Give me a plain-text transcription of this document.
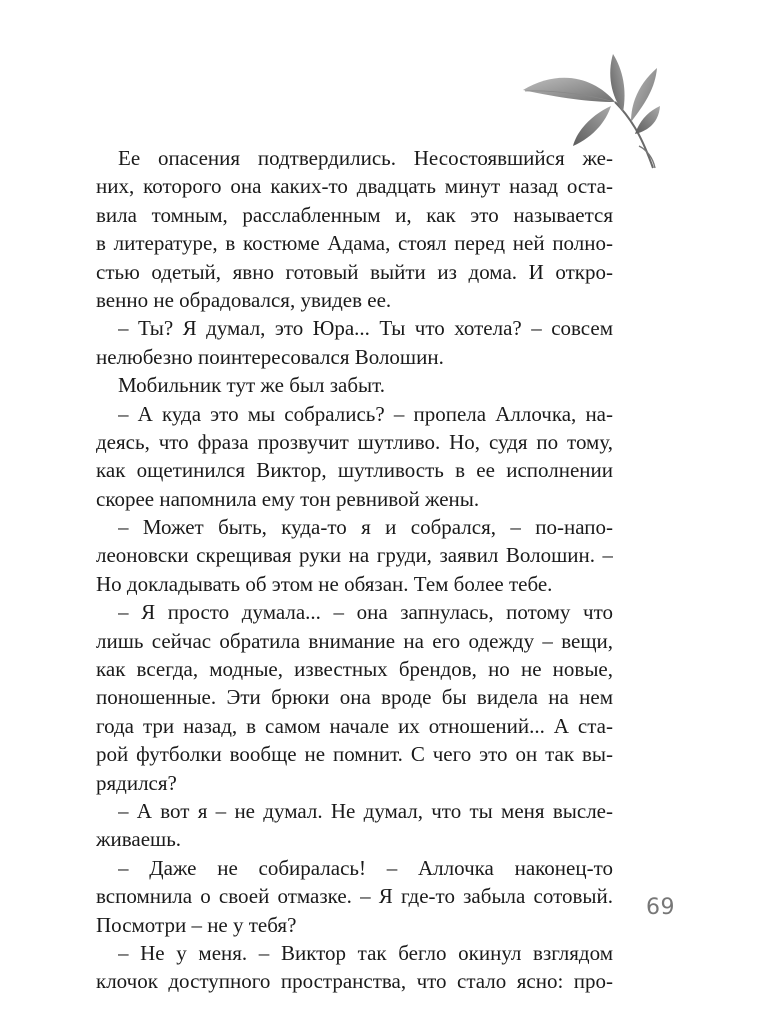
Ее опасения подтвердились. Несостоявшийся же-
них, которого она каких-то двадцать минут назад оста-
вила томным, расслабленным и, как это называется
в литературе, в костюме Адама, стоял перед ней полно-
стью одетый, явно готовый выйти из дома. И откро-
венно не обрадовался, увидев ее.
– Ты? Я думал, это Юра... Ты что хотела? – совсем
нелюбезно поинтересовался Волошин.
Мобильник тут же был забыт.
– А куда это мы собрались? – пропела Аллочка, на-
деясь, что фраза прозвучит шутливо. Но, судя по тому,
как ощетинился Виктор, шутливость в ее исполнении
скорее напомнила ему тон ревнивой жены.
– Может быть, куда-то я и собрался, – по-напо-
леоновски скрещивая руки на груди, заявил Волошин. –
Но докладывать об этом не обязан. Тем более тебе.
– Я просто думала... – она запнулась, потому что
лишь сейчас обратила внимание на его одежду – вещи,
как всегда, модные, известных брендов, но не новые,
поношенные. Эти брюки она вроде бы видела на нем
года три назад, в самом начале их отношений... А ста-
рой футболки вообще не помнит. С чего это он так вы-
рядился?
– А вот я – не думал. Не думал, что ты меня высле-
живаешь.
– Даже не собиралась! – Аллочка наконец-то
вспомнила о своей отмазке. – Я где-то забыла сотовый.
Посмотри – не у тебя?
– Не у меня. – Виктор так бегло окинул взглядом
клочок доступного пространства, что стало ясно: про-
69
